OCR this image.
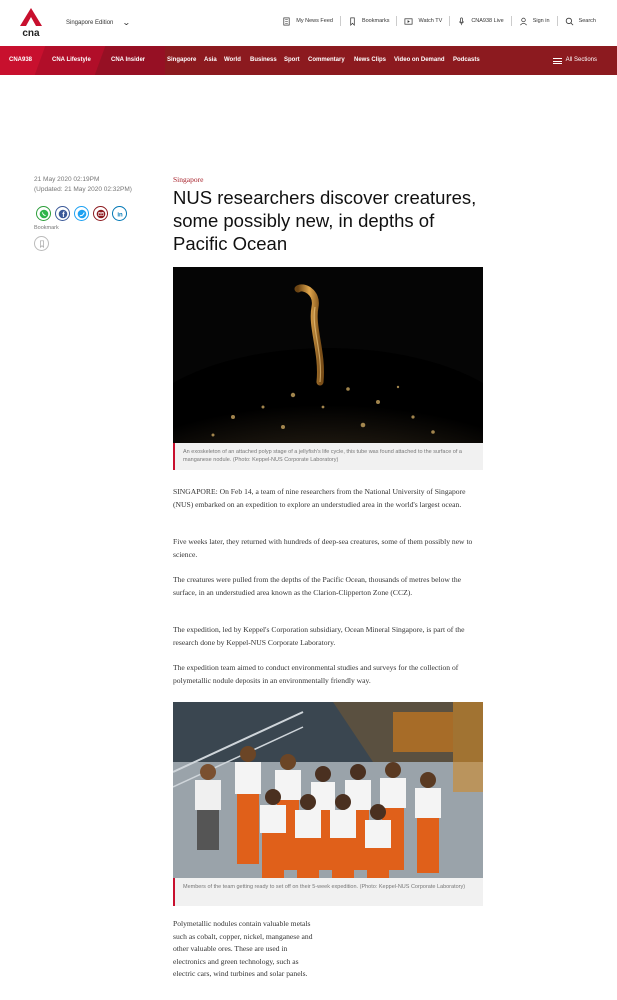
cna
Singapore Edition ⌄	My News Feed	Bookmarks	Watch TV	CNA938 Live	Sign in	Search
CNA938	CNA Lifestyle	CNA Insider	Singapore Asia World Business Sport Commentary News Clips Video on Demand Podcasts	All Sections
21 May 2020 02:19PM
(Updated: 21 May 2020 02:32PM)
f	in
Bookmark
Singapore
NUS researchers discover creatures, some possibly new, in depths of Pacific Ocean
An exoskeleton of an attached polyp stage of a jellyfish's life cycle, this tube was found attached to the surface of a manganese nodule. (Photo: Keppel-NUS Corporate Laboratory)

SINGAPORE: On Feb 14, a team of nine researchers from the National University of Singapore (NUS) embarked on an expedition to explore an understudied area in the world's largest ocean.

Five weeks later, they returned with hundreds of deep-sea creatures, some of them possibly new to science.

The creatures were pulled from the depths of the Pacific Ocean, thousands of metres below the surface, in an understudied area known as the Clarion-Clipperton Zone (CCZ).

The expedition, led by Keppel's Corporation subsidiary, Ocean Mineral Singapore, is part of the research done by Keppel-NUS Corporate Laboratory.

The expedition team aimed to conduct environmental studies and surveys for the collection of polymetallic nodule deposits in an environmentally friendly way.

Members of the team getting ready to set off on their 5-week expedition. (Photo: Keppel-NUS Corporate Laboratory)

Polymetallic nodules contain valuable metals such as cobalt, copper, nickel, manganese and other valuable ores. These are used in electronics and green technology, such as electric cars, wind turbines and solar panels.
